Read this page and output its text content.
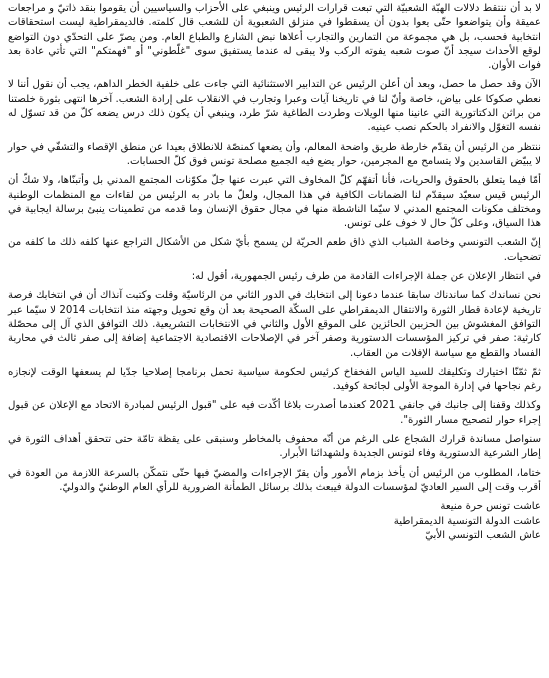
لا بد أن ننتقط دلالات الهبّة الشعبيّة التي تبعت قرارات الرئيس وينبغي على الأحزاب والسياسيين أن يقوموا بنقد ذاتيّ و مراجعات عميقة وأن يتواضعوا حتّى يعوا بدون أن يسقطوا في منزلق الشعبوية أن للشعب قال كلمته. فالديمقراطية ليست استحقاقات انتخابية فحسب، بل هي مجموعة من التمارين والتجارب أعلاها نبض الشارع والطباع العام. ومن يصرّ على التحدّي دون التواضع لوقع الأحداث سيجد أنّ صوت شعبه يفوته الركب ولا يبقى له عندما يستفيق سوى "غلّطوني" أو "فهمتكم" التي تأتي عادة بعد فوات الأوان.

الآن وقد حصل ما حصل، وبعد أن أعلن الرئيس عن التدابير الاستثنائية التي جاءت على خلفية الخطر الداهم، يجب أن نقول أننا لا نعطي صكوكا على بياض، خاصة وأنّ لنا في تاريخنا آيات وعبرا وتجارب في الانقلاب على إرادة الشعب. آخرها انتهى بثورة خلصتنا من براثن الدكتاتورية التي عانينا منها الويلات وطردت الطاغية شرّ طرد، وينبغي أن يكون ذلك درس يضعه كلّ من قد تسوّل له نفسه التغوّل والانفراد بالحكم نصب عينيه.

ننتظر من الرئيس أن يقدّم خارطة طريق واضحة المعالم، وأن يضعها كمنصّة للانطلاق بعيدا عن منطق الإقصاء والتشفّي في حوار لا يبيّض القاسدين ولا يتسامح مع المجرمين، حوار يضع فيه الجميع مصلحة تونس فوق كلّ الحسابات.

أمّا فيما يتعلق بالحقوق والحريات، فأنا أتفهّم كلّ المخاوف التي عبرت عنها جلّ مكوّنات المجتمع المدني بل وأتبنّاها، ولا شكّ أن الرئيس قيس سعيّد سيقدّم لنا الضمانات الكافية في هذا المجال، ولعلّ ما بادر به الرئيس من لقاءات مع المنظمات الوطنية ومختلف مكونات المجتمع المدني لا سيّما الناشطة منها في مجال حقوق الإنسان وما قدمه من تطمينات ينبئ برسالة ايجابية في هذا السياق، وعلى كلّ حال لا خوف على تونس.

إنّ الشعب التونسي وخاصة الشباب الذي ذاق طعم الحريّة لن يسمح بأيّ شكل من الأشكال التراجع عنها كلفه ذلك ما كلفه من تضحيات.

في انتظار الإعلان عن جملة الإجراءات القادمة من طرف رئيس الجمهورية، أقول له:

نحن نساندك كما ساندناك سابقا عندما دعونا إلى انتخابك في الدور الثاني من الرئاسيّة وقلت وكتبت آنذاك أن في انتخابك فرصة تاريخية لإعادة قطار الثورة والانتقال الديمقراطي على السكّة الصحيحة بعد أن وقع تحويل وجهته منذ انتخابات 2014 لا سيّما عبر التوافق المغشوش بين الحزبين الحائزين على الموقع الأول والثاني في الانتخابات التشريعية. ذلك التوافق الذي آل إلى محصّلة كارثية: صفر في تركيز المؤسسات الدستورية وصفر آخر في الإصلاحات الاقتصادية الاجتماعية إضافة إلى صفر ثالث في محاربة الفساد والقطع مع سياسة الإفلات من العقاب.

ثمّ ثمّنّا اختيارك وتكليفك للسيد الياس الفخفاخ كرئيس لحكومة سياسية تحمل برنامجا إصلاحيا جدّيا لم يسعفها الوقت لإنجازه رغم نجاحها في إدارة الموجة الأولى لجائحة كوفيد.

وكذلك وقفنا إلى جانبك في جانفي 2021 كعندما أصدرت بلاغا أكّدت فيه على "قبول الرئيس لمبادرة الاتحاد مع الإعلان عن قبول إجراء حوار لتصحيح مسار الثورة".

سنواصل مساندة قرارك الشجاع على الرغم من أنّه محفوف بالمخاطر وسنبقى على يقظة تامّة حتى تتحقق أهداف الثورة في إطار الشرعية الدستورية وفاء لتونس الجديدة ولشهدائنا الأبرار.

ختاما، المطلوب من الرئيس أن يأخذ بزمام الأمور وأن يقرّ الإجراءات والمضيّ فيها حتّى نتمكّن بالسرعة اللازمة من العودة في أقرب وقت إلى السير العاديّ لمؤسسات الدولة فيبعث بذلك برسائل الطمأنة الضرورية للرأي العام الوطنيّ والدوليّ.

عاشت تونس حرة منيعة

عاشت الدولة التونسية الديمقراطية

عاش الشعب التونسي الأبيّ
